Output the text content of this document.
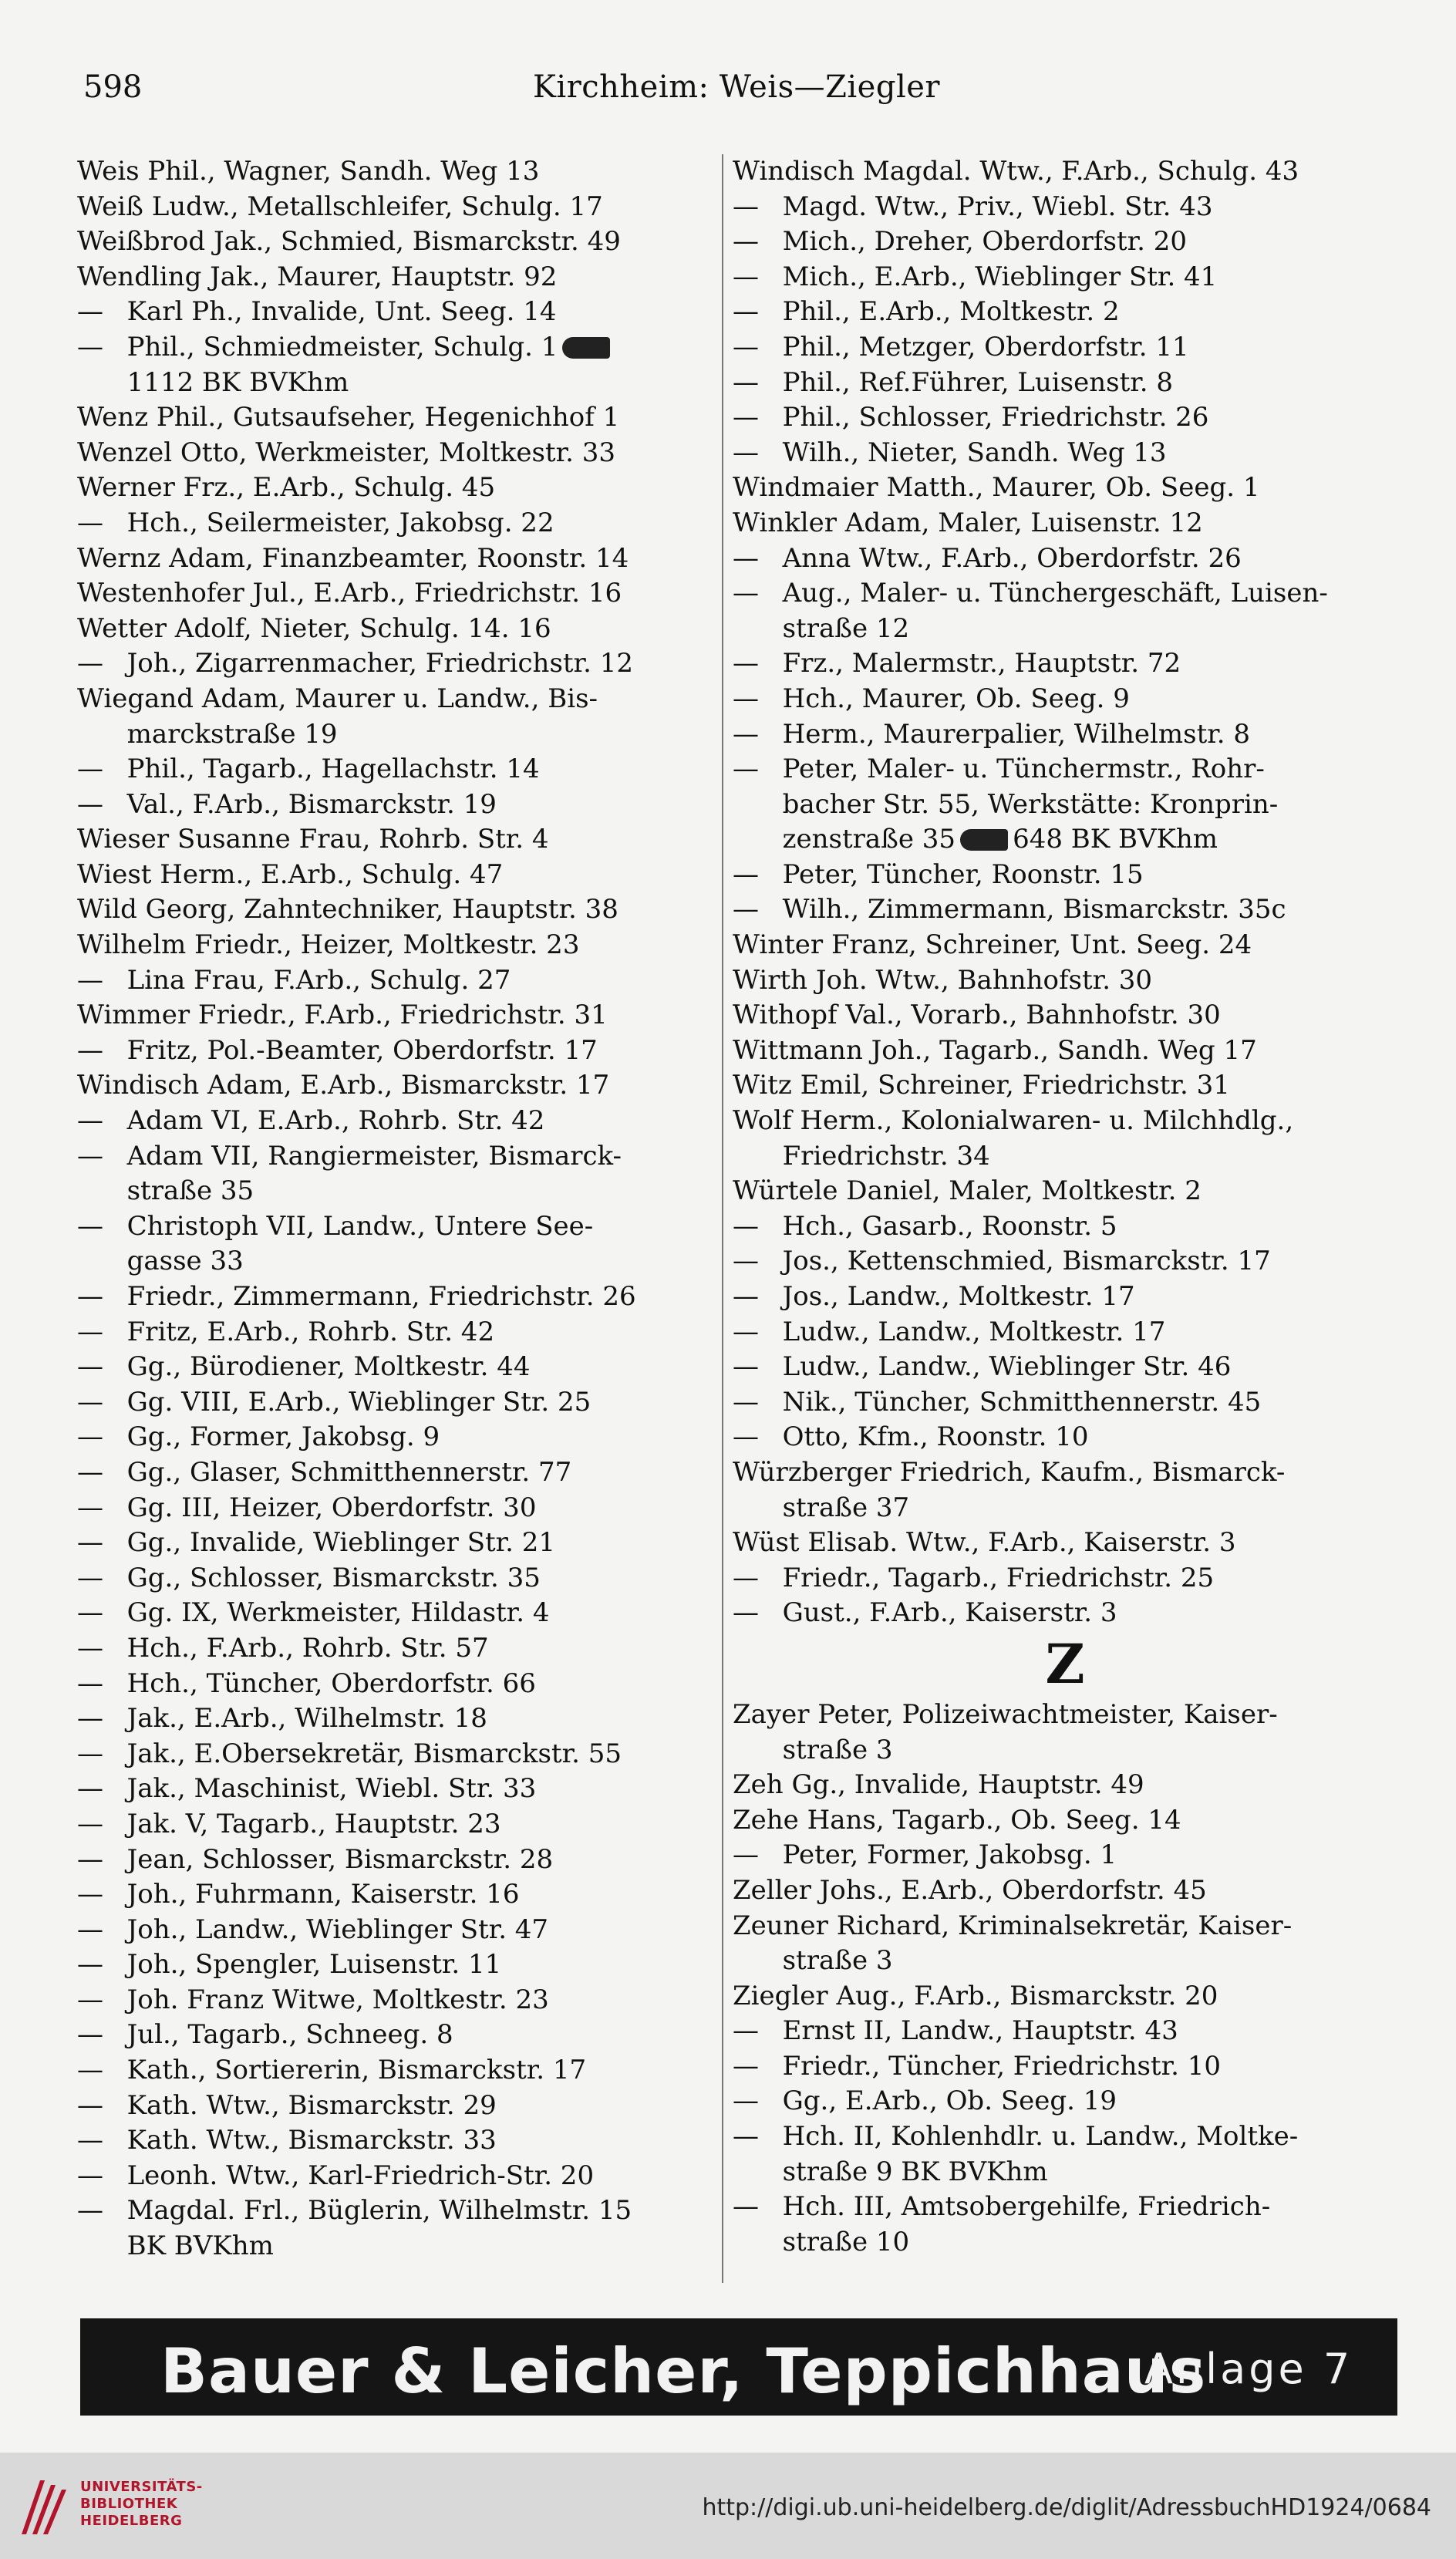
598	Kirchheim: Weis—Ziegler
Weis Phil., Wagner, Sandh. Weg 13
Weiß Ludw., Metallschleifer, Schulg. 17
Weißbrod Jak., Schmied, Bismarckstr. 49
Wendling Jak., Maurer, Hauptstr. 92
— Karl Ph., Invalide, Unt. Seeg. 14
— Phil., Schmiedmeister, Schulg. 1
1112 BK BVKhm
Wenz Phil., Gutsaufseher, Hegenichhof 1
Wenzel Otto, Werkmeister, Moltkestr. 33
Werner Frz., E.Arb., Schulg. 45
— Hch., Seilermeister, Jakobsg. 22
Wernz Adam, Finanzbeamter, Roonstr. 14
Westenhofer Jul., E.Arb., Friedrichstr. 16
Wetter Adolf, Nieter, Schulg. 14. 16
— Joh., Zigarrenmacher, Friedrichstr. 12
Wiegand Adam, Maurer u. Landw., Bis-
marckstraße 19
— Phil., Tagarb., Hagellachstr. 14
— Val., F.Arb., Bismarckstr. 19
Wieser Susanne Frau, Rohrb. Str. 4
Wiest Herm., E.Arb., Schulg. 47
Wild Georg, Zahntechniker, Hauptstr. 38
Wilhelm Friedr., Heizer, Moltkestr. 23
— Lina Frau, F.Arb., Schulg. 27
Wimmer Friedr., F.Arb., Friedrichstr. 31
— Fritz, Pol.-Beamter, Oberdorfstr. 17
Windisch Adam, E.Arb., Bismarckstr. 17
— Adam VI, E.Arb., Rohrb. Str. 42
— Adam VII, Rangiermeister, Bismarck-
straße 35
— Christoph VII, Landw., Untere See-
gasse 33
— Friedr., Zimmermann, Friedrichstr. 26
— Fritz, E.Arb., Rohrb. Str. 42
— Gg., Bürodiener, Moltkestr. 44
— Gg. VIII, E.Arb., Wieblinger Str. 25
— Gg., Former, Jakobsg. 9
— Gg., Glaser, Schmitthennerstr. 77
— Gg. III, Heizer, Oberdorfstr. 30
— Gg., Invalide, Wieblinger Str. 21
— Gg., Schlosser, Bismarckstr. 35
— Gg. IX, Werkmeister, Hildastr. 4
— Hch., F.Arb., Rohrb. Str. 57
— Hch., Tüncher, Oberdorfstr. 66
— Jak., E.Arb., Wilhelmstr. 18
— Jak., E.Obersekretär, Bismarckstr. 55
— Jak., Maschinist, Wiebl. Str. 33
— Jak. V, Tagarb., Hauptstr. 23
— Jean, Schlosser, Bismarckstr. 28
— Joh., Fuhrmann, Kaiserstr. 16
— Joh., Landw., Wieblinger Str. 47
— Joh., Spengler, Luisenstr. 11
— Joh. Franz Witwe, Moltkestr. 23
— Jul., Tagarb., Schneeg. 8
— Kath., Sortiererin, Bismarckstr. 17
— Kath. Wtw., Bismarckstr. 29
— Kath. Wtw., Bismarckstr. 33
— Leonh. Wtw., Karl-Friedrich-Str. 20
— Magdal. Frl., Büglerin, Wilhelmstr. 15
BK BVKhm
Windisch Magdal. Wtw., F.Arb., Schulg. 43
— Magd. Wtw., Priv., Wiebl. Str. 43
— Mich., Dreher, Oberdorfstr. 20
— Mich., E.Arb., Wieblinger Str. 41
— Phil., E.Arb., Moltkestr. 2
— Phil., Metzger, Oberdorfstr. 11
— Phil., Ref.Führer, Luisenstr. 8
— Phil., Schlosser, Friedrichstr. 26
— Wilh., Nieter, Sandh. Weg 13
Windmaier Matth., Maurer, Ob. Seeg. 1
Winkler Adam, Maler, Luisenstr. 12
— Anna Wtw., F.Arb., Oberdorfstr. 26
— Aug., Maler- u. Tünchergeschäft, Luisen-
straße 12
— Frz., Malermstr., Hauptstr. 72
— Hch., Maurer, Ob. Seeg. 9
— Herm., Maurerpalier, Wilhelmstr. 8
— Peter, Maler- u. Tünchermstr., Rohr-
bacher Str. 55, Werkstätte: Kronprin-
zenstraße 35 648 BK BVKhm
— Peter, Tüncher, Roonstr. 15
— Wilh., Zimmermann, Bismarckstr. 35c
Winter Franz, Schreiner, Unt. Seeg. 24
Wirth Joh. Wtw., Bahnhofstr. 30
Withopf Val., Vorarb., Bahnhofstr. 30
Wittmann Joh., Tagarb., Sandh. Weg 17
Witz Emil, Schreiner, Friedrichstr. 31
Wolf Herm., Kolonialwaren- u. Milchhdlg.,
Friedrichstr. 34
Würtele Daniel, Maler, Moltkestr. 2
— Hch., Gasarb., Roonstr. 5
— Jos., Kettenschmied, Bismarckstr. 17
— Jos., Landw., Moltkestr. 17
— Ludw., Landw., Moltkestr. 17
— Ludw., Landw., Wieblinger Str. 46
— Nik., Tüncher, Schmitthennerstr. 45
— Otto, Kfm., Roonstr. 10
Würzberger Friedrich, Kaufm., Bismarck-
straße 37
Wüst Elisab. Wtw., F.Arb., Kaiserstr. 3
— Friedr., Tagarb., Friedrichstr. 25
— Gust., F.Arb., Kaiserstr. 3
Z
Zayer Peter, Polizeiwachtmeister, Kaiser-
straße 3
Zeh Gg., Invalide, Hauptstr. 49
Zehe Hans, Tagarb., Ob. Seeg. 14
— Peter, Former, Jakobsg. 1
Zeller Johs., E.Arb., Oberdorfstr. 45
Zeuner Richard, Kriminalsekretär, Kaiser-
straße 3
Ziegler Aug., F.Arb., Bismarckstr. 20
— Ernst II, Landw., Hauptstr. 43
— Friedr., Tüncher, Friedrichstr. 10
— Gg., E.Arb., Ob. Seeg. 19
— Hch. II, Kohlenhdlr. u. Landw., Moltke-
straße 9 BK BVKhm
— Hch. III, Amtsobergehilfe, Friedrich-
straße 10
Bauer & Leicher, Teppichhaus
Anlage 7
UNIVERSITÄTS-
BIBLIOTHEK
HEIDELBERG	http://digi.ub.uni-heidelberg.de/diglit/AdressbuchHD1924/0684
